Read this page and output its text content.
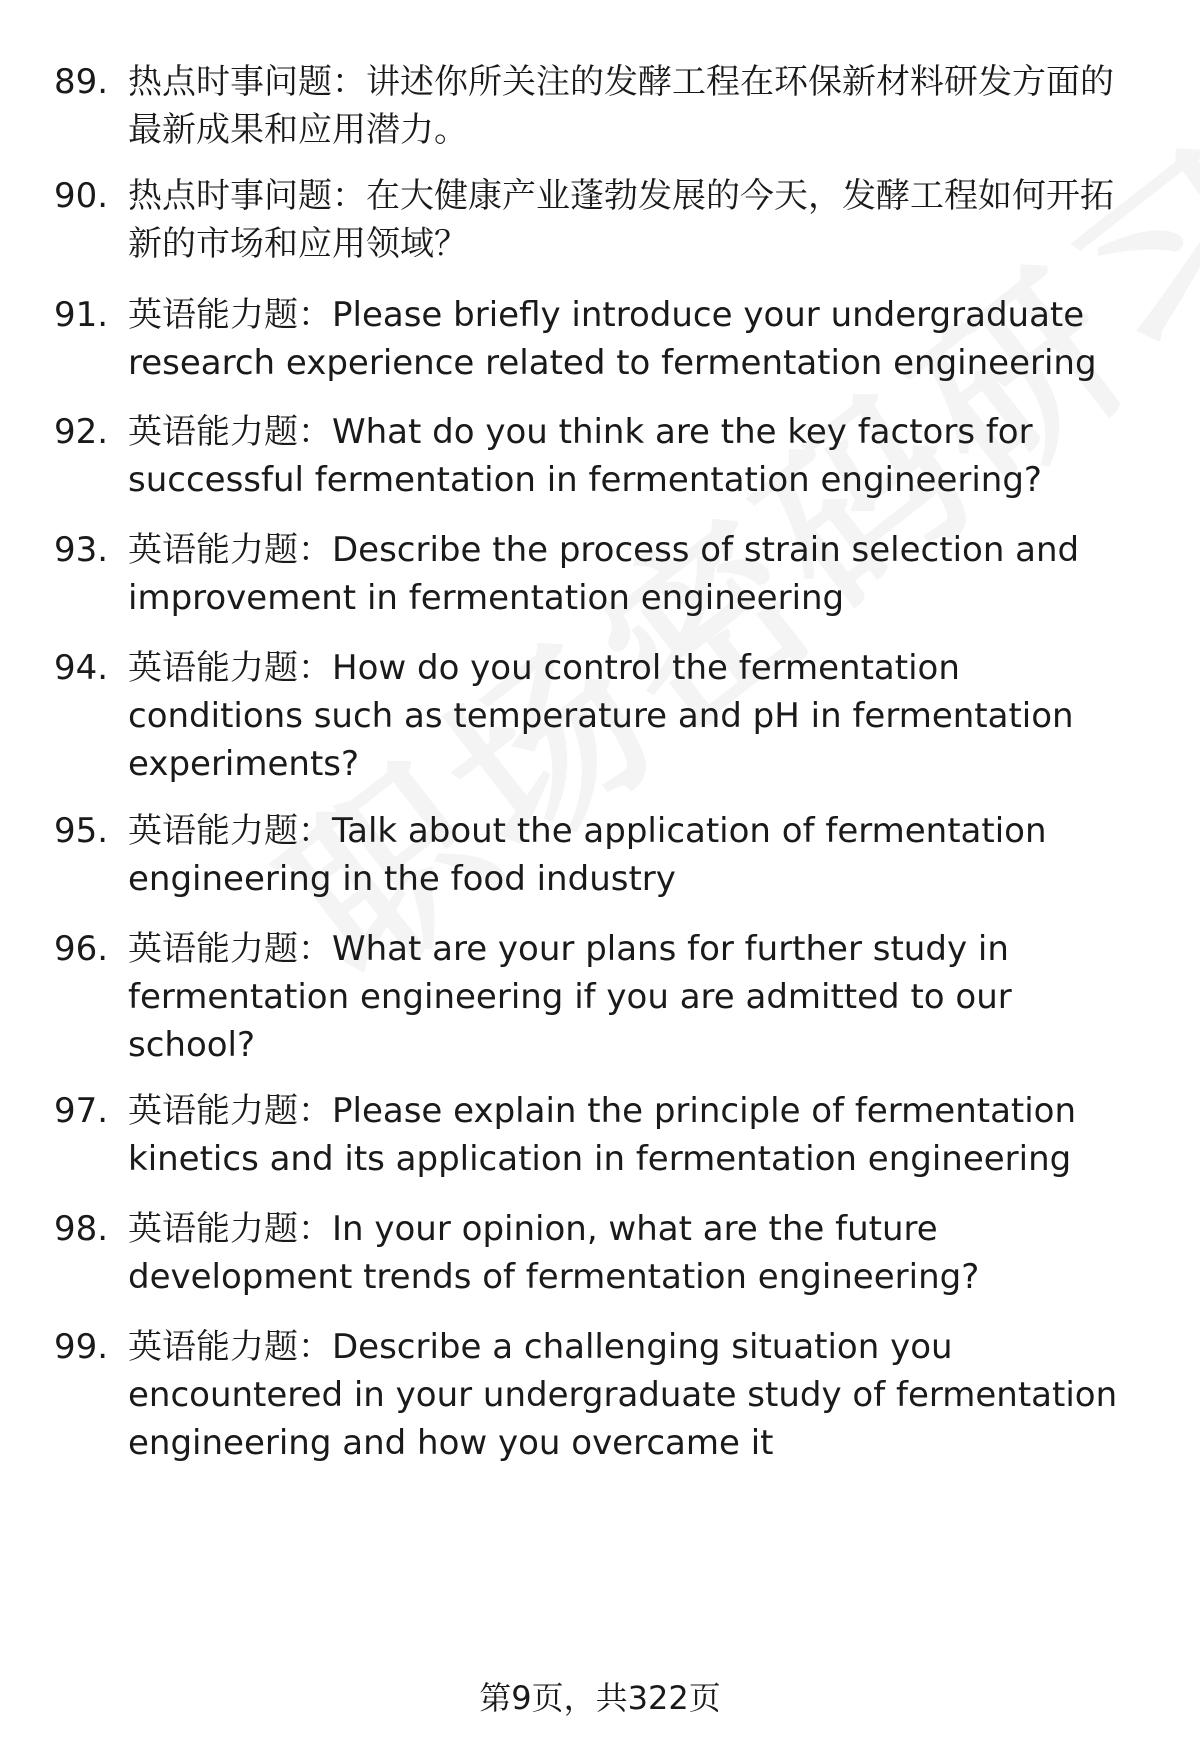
89. 热点时事问题：讲述你所关注的发酵工程在环保新材料研发方面的最新成果和应用潜力。
90. 热点时事问题：在大健康产业蓬勃发展的今天，发酵工程如何开拓新的市场和应用领域？
91. 英语能力题：Please briefly introduce your undergraduate research experience related to fermentation engineering
92. 英语能力题：What do you think are the key factors for successful fermentation in fermentation engineering?
93. 英语能力题：Describe the process of strain selection and improvement in fermentation engineering
94. 英语能力题：How do you control the fermentation conditions such as temperature and pH in fermentation experiments?
95. 英语能力题：Talk about the application of fermentation engineering in the food industry
96. 英语能力题：What are your plans for further study in fermentation engineering if you are admitted to our school?
97. 英语能力题：Please explain the principle of fermentation kinetics and its application in fermentation engineering
98. 英语能力题：In your opinion, what are the future development trends of fermentation engineering?
99. 英语能力题：Describe a challenging situation you encountered in your undergraduate study of fermentation engineering and how you overcame it
第9页，共322页
